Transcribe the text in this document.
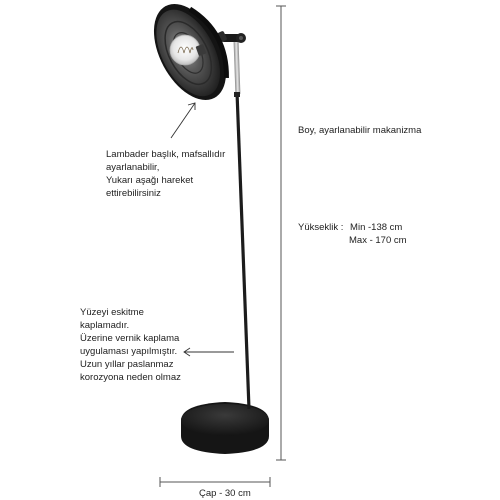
Lambader başlık, mafsallıdır
ayarlanabilir,
Yukarı aşağı hareket
ettirebilirsiniz
Boy, ayarlanabilir makanizma
Yükseklik : Min -138 cm
Max - 170 cm
Yüzeyi eskitme
kaplamadır.
Üzerine vernik kaplama
uygulaması yapılmıştır.
Uzun yıllar paslanmaz
korozyona neden olmaz
Çap - 30 cm
